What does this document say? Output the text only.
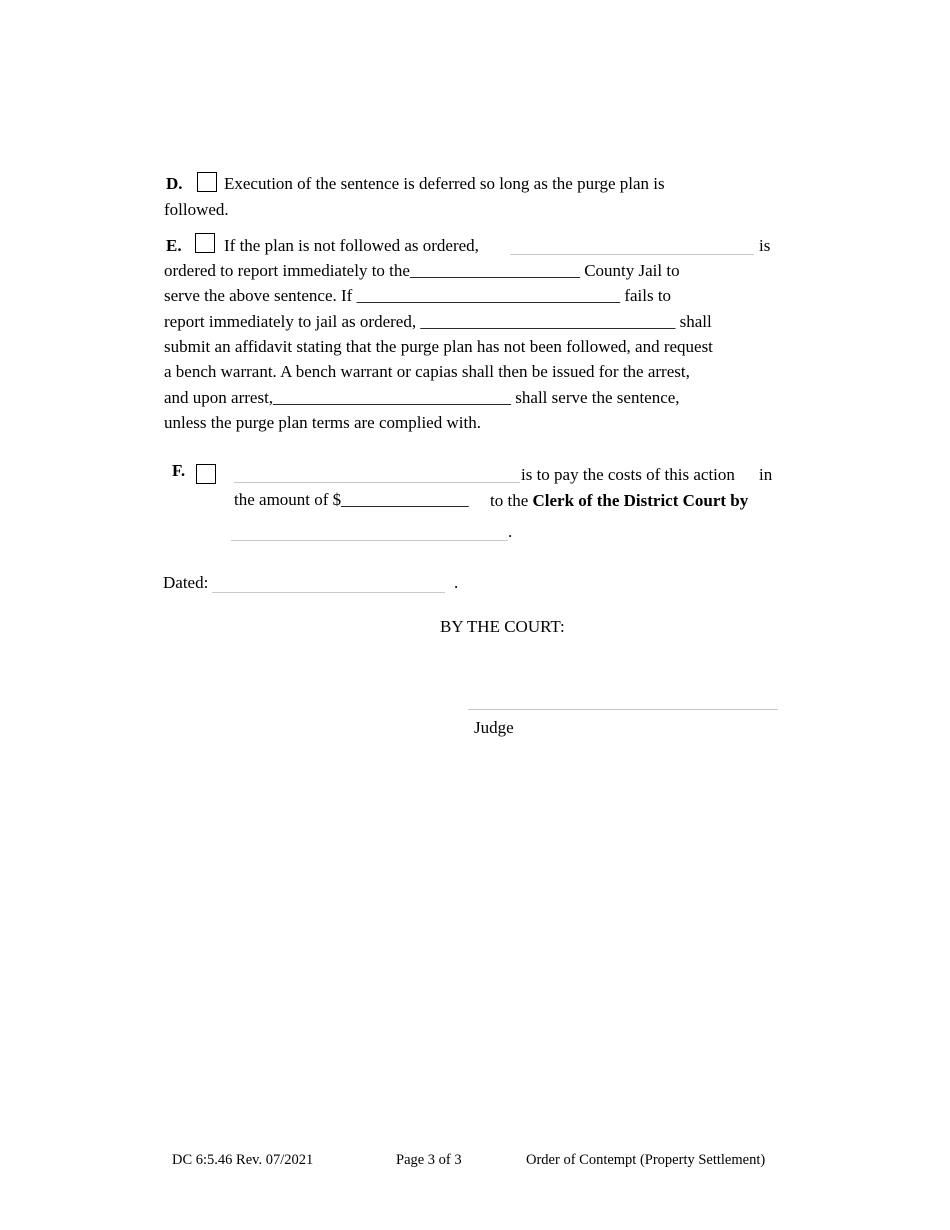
D. Execution of the sentence is deferred so long as the purge plan is
followed.
E. If the plan is not followed as ordered,	is
ordered to report immediately to the____________________ County Jail to
serve the above sentence. If _______________________________ fails to
report immediately to jail as ordered, ______________________________ shall
submit an affidavit stating that the purge plan has not been followed, and request
a bench warrant. A bench warrant or capias shall then be issued for the arrest,
and upon arrest,____________________________ shall serve the sentence,
unless the purge plan terms are complied with.
F.	is to pay the costs of this action in
the amount of $_______________ to the Clerk of the District Court by
.
Dated:	.
BY THE COURT:
Judge
DC 6:5.46 Rev. 07/2021	Page 3 of 3	Order of Contempt (Property Settlement)
